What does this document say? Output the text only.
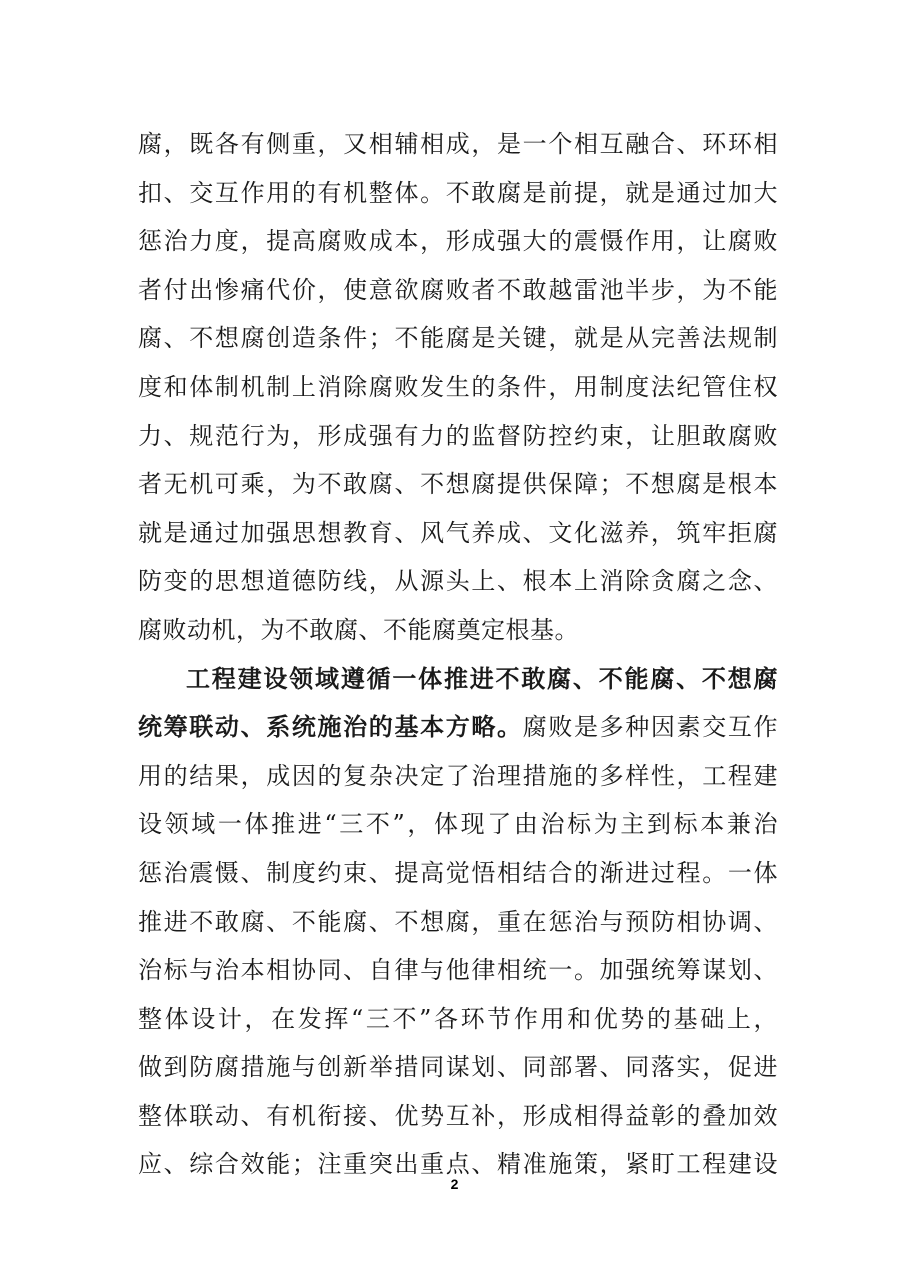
腐，既各有侧重，又相辅相成，是一个相互融合、环环相
扣、交互作用的有机整体。不敢腐是前提，就是通过加大
惩治力度，提高腐败成本，形成强大的震慑作用，让腐败
者付出惨痛代价，使意欲腐败者不敢越雷池半步，为不能
腐、不想腐创造条件；不能腐是关键，就是从完善法规制
度和体制机制上消除腐败发生的条件，用制度法纪管住权
力、规范行为，形成强有力的监督防控约束，让胆敢腐败
者无机可乘，为不敢腐、不想腐提供保障；不想腐是根本
就是通过加强思想教育、风气养成、文化滋养，筑牢拒腐
防变的思想道德防线，从源头上、根本上消除贪腐之念、
腐败动机，为不敢腐、不能腐奠定根基。
工程建设领域遵循一体推进不敢腐、不能腐、不想腐
统筹联动、系统施治的基本方略。腐败是多种因素交互作
用的结果，成因的复杂决定了治理措施的多样性，工程建
设领域一体推进“三不”，体现了由治标为主到标本兼治
惩治震慑、制度约束、提高觉悟相结合的渐进过程。一体
推进不敢腐、不能腐、不想腐，重在惩治与预防相协调、
治标与治本相协同、自律与他律相统一。加强统筹谋划、
整体设计，在发挥“三不”各环节作用和优势的基础上，
做到防腐措施与创新举措同谋划、同部署、同落实，促进
整体联动、有机衔接、优势互补，形成相得益彰的叠加效
应、综合效能；注重突出重点、精准施策，紧盯工程建设
2
